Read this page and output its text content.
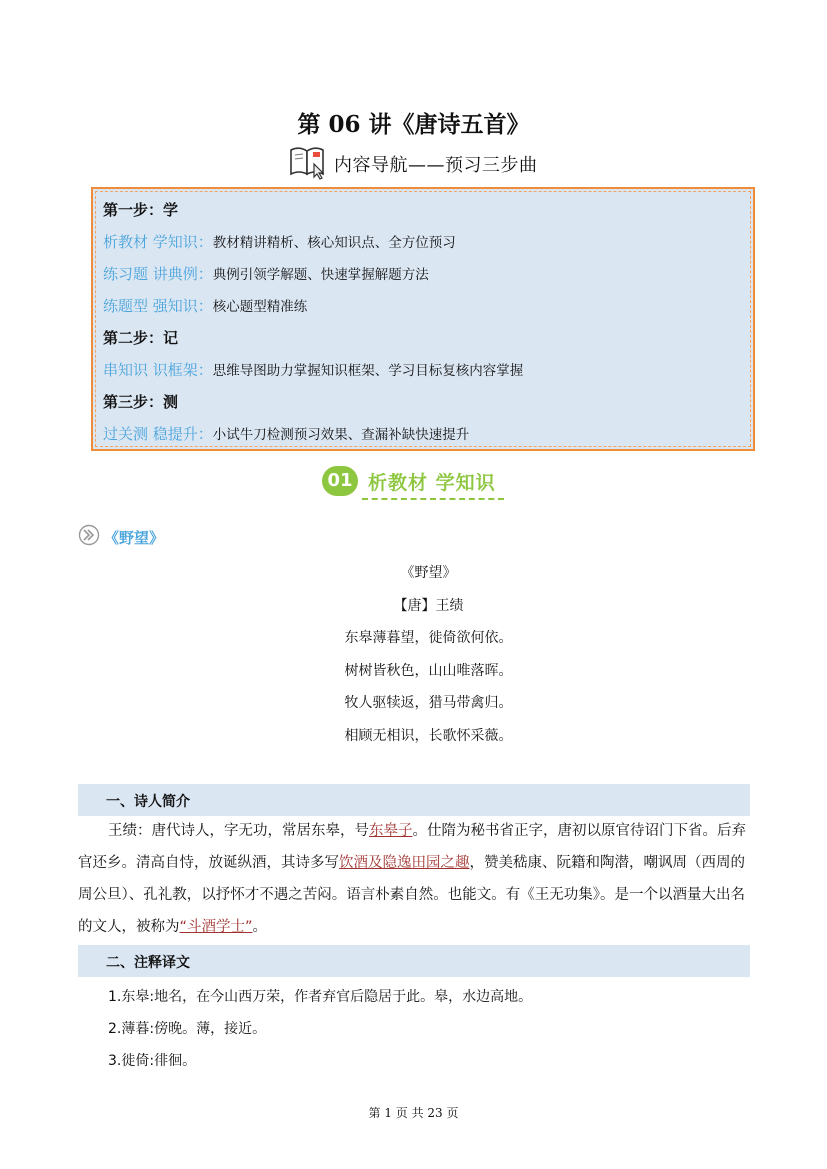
第 06 讲《唐诗五首》
内容导航——预习三步曲
第一步：学
析教材 学知识：教材精讲精析、核心知识点、全方位预习
练习题 讲典例：典例引领学解题、快速掌握解题方法
练题型 强知识：核心题型精准练
第二步：记
串知识 识框架：思维导图助力掌握知识框架、学习目标复核内容掌握
第三步：测
过关测 稳提升：小试牛刀检测预习效果、查漏补缺快速提升
01 析教材 学知识
《野望》
《野望》
【唐】王绩
东皋薄暮望，徙倚欲何依。
树树皆秋色，山山唯落晖。
牧人驱犊返，猎马带禽归。
相顾无相识，长歌怀采薇。
一、诗人简介
王绩：唐代诗人，字无功，常居东皋，号东皋子。仕隋为秘书省正字，唐初以原官待诏门下省。后弃官还乡。清高自恃，放诞纵酒，其诗多写饮酒及隐逸田园之趣，赞美嵇康、阮籍和陶潜，嘲讽周（西周的周公旦）、孔礼教，以抒怀才不遇之苦闷。语言朴素自然。也能文。有《王无功集》。是一个以酒量大出名的文人，被称为“斗酒学士”。
二、注释译文
1.东皋:地名，在今山西万荣，作者弃官后隐居于此。皋，水边高地。
2.薄暮:傍晚。薄，接近。
3.徙倚:徘徊。
第 1 页 共 23 页
